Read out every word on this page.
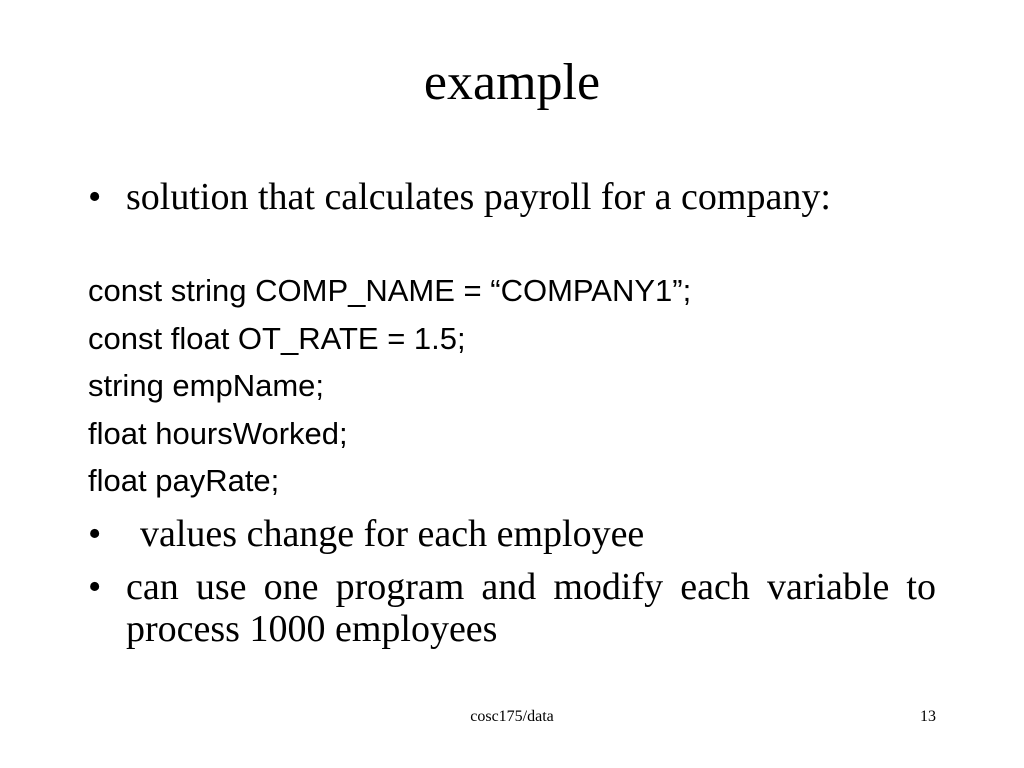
example
• solution that calculates payroll for a company:
const string COMP_NAME = “COMPANY1”;
const float OT_RATE = 1.5;
string empName;
float hoursWorked;
float payRate;
• values change for each employee
• can use one program and modify each variable to process 1000 employees
cosc175/data	13
